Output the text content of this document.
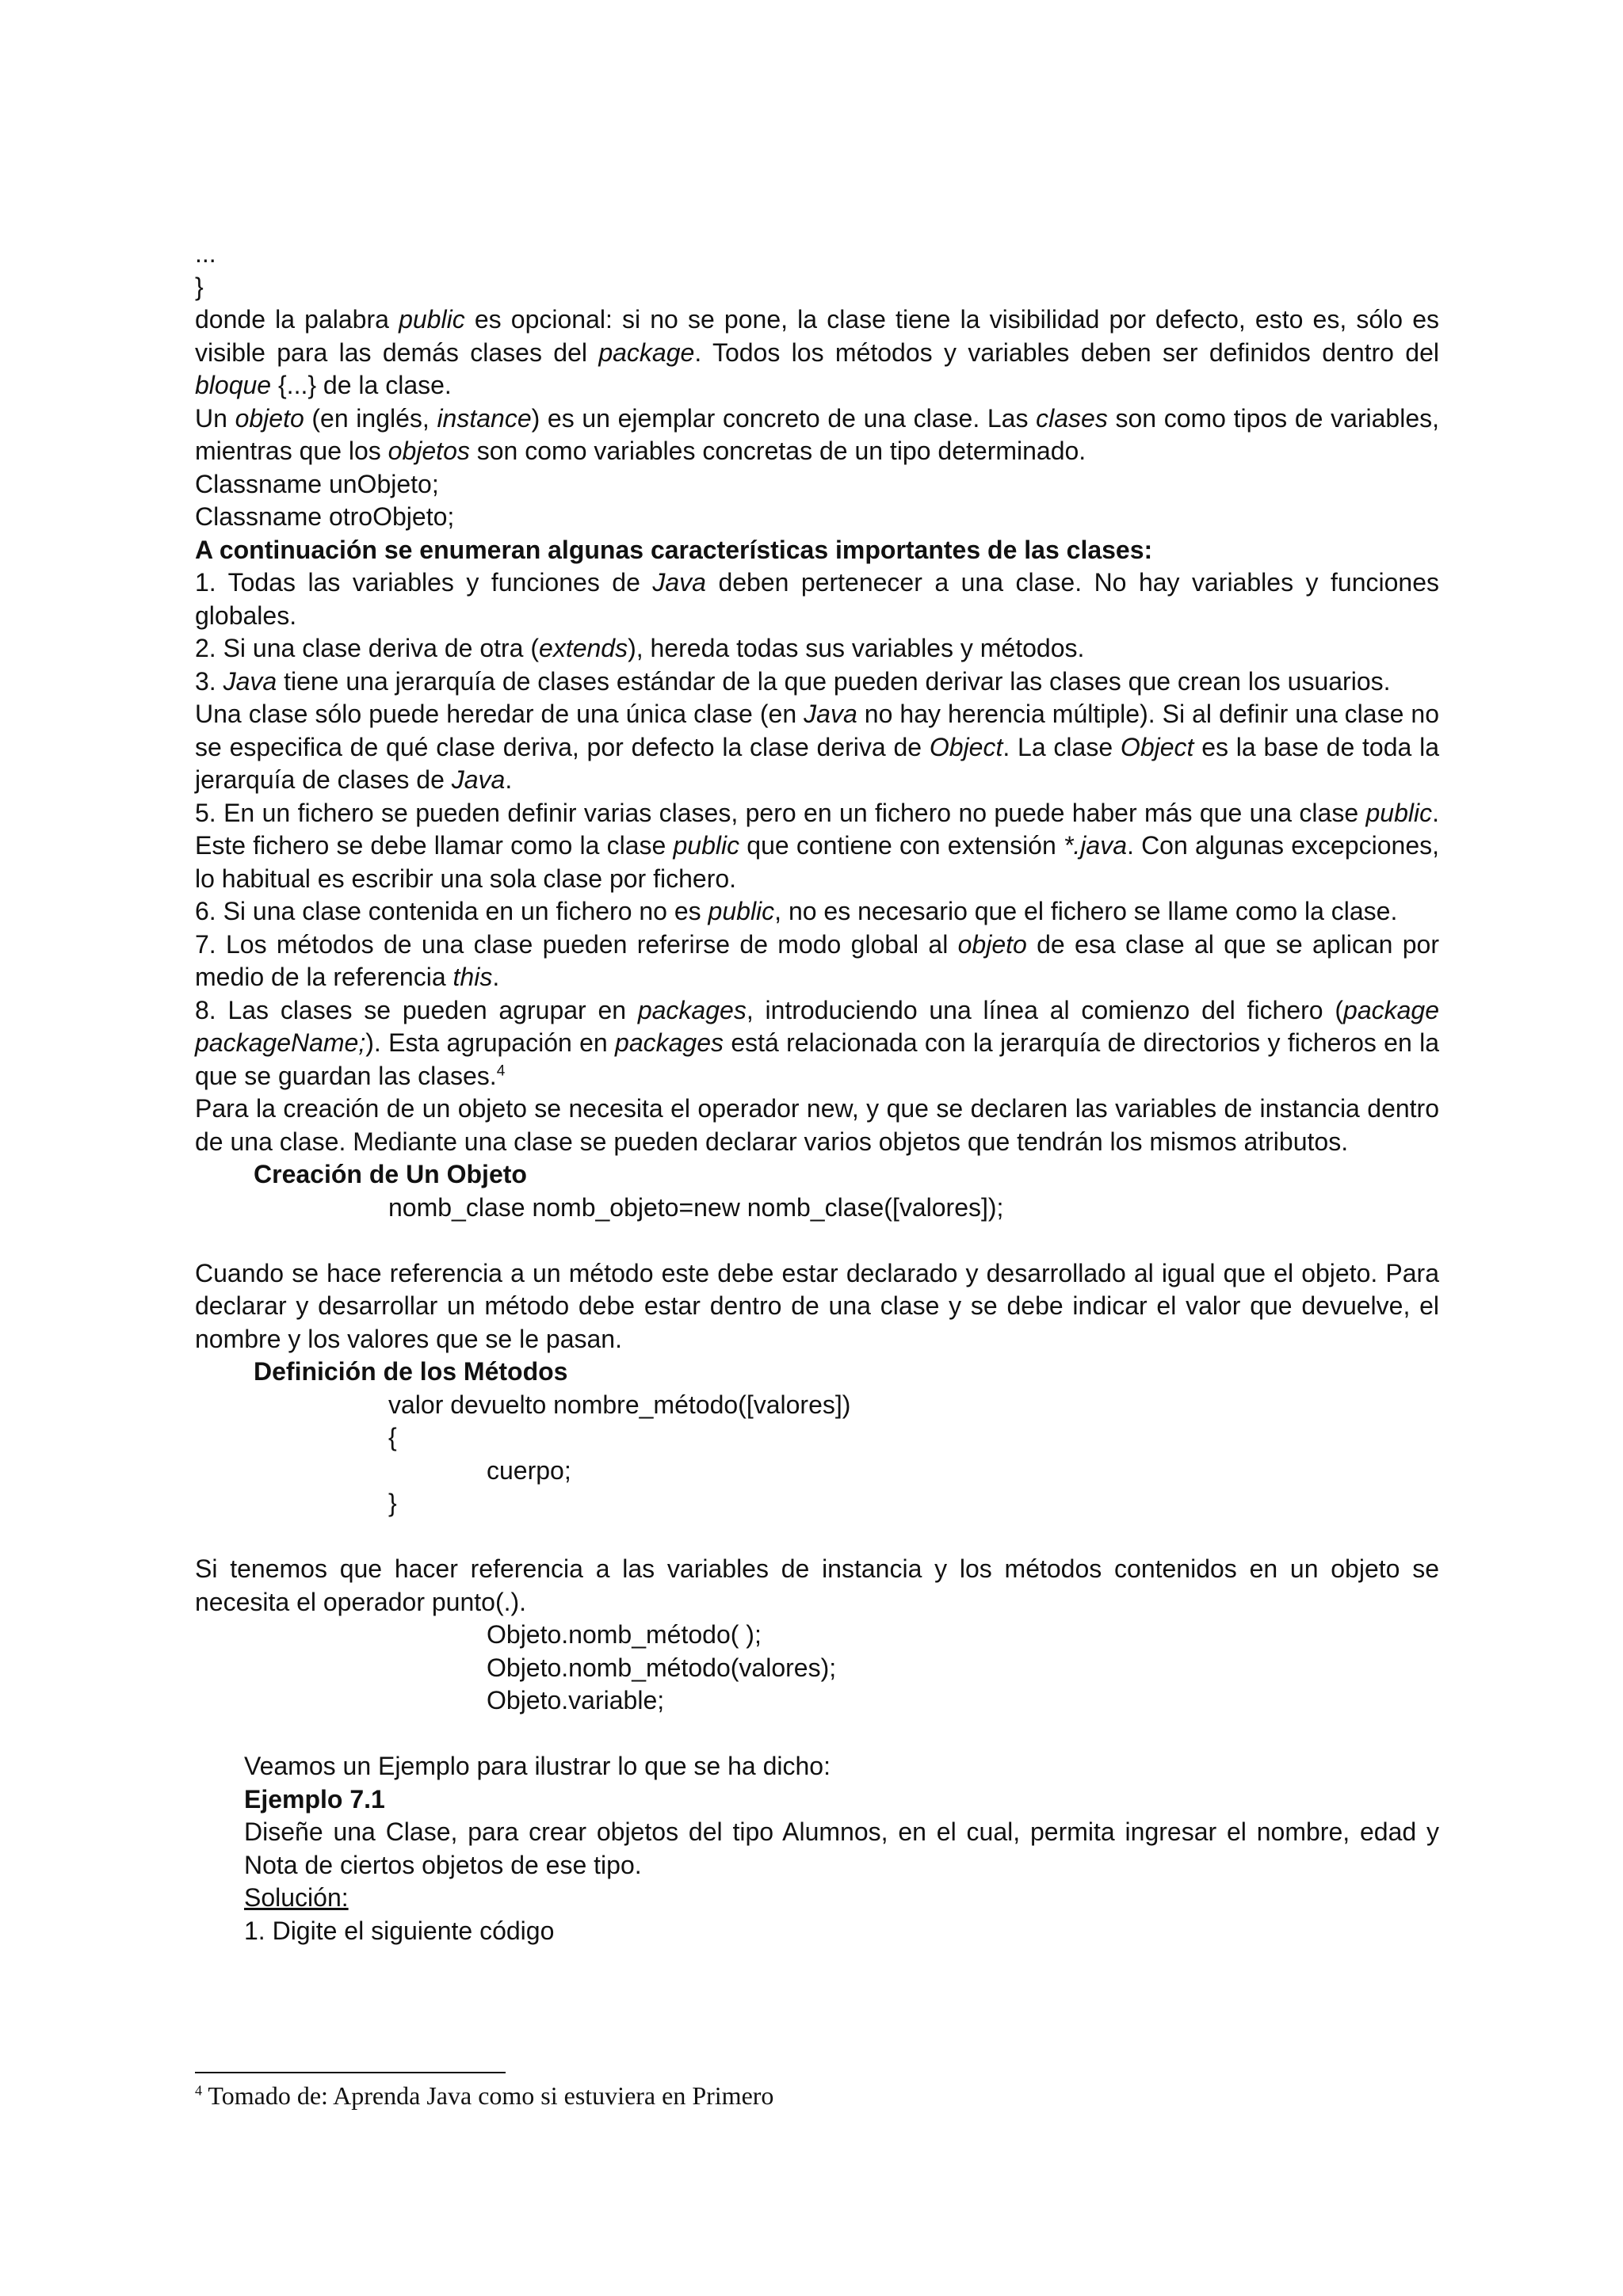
...

}

donde la palabra public es opcional: si no se pone, la clase tiene la visibilidad por defecto, esto es, sólo es visible para las demás clases del package. Todos los métodos y variables deben ser definidos dentro del bloque {...} de la clase.

Un objeto (en inglés, instance) es un ejemplar concreto de una clase. Las clases son como tipos de variables, mientras que los objetos son como variables concretas de un tipo determinado.

Classname unObjeto;

Classname otroObjeto;

A continuación se enumeran algunas características importantes de las clases:

1. Todas las variables y funciones de Java deben pertenecer a una clase. No hay variables y funciones globales.

2. Si una clase deriva de otra (extends), hereda todas sus variables y métodos.

3. Java tiene una jerarquía de clases estándar de la que pueden derivar las clases que crean los usuarios.

Una clase sólo puede heredar de una única clase (en Java no hay herencia múltiple). Si al definir una clase no se especifica de qué clase deriva, por defecto la clase deriva de Object. La clase Object es la base de toda la jerarquía de clases de Java.

5. En un fichero se pueden definir varias clases, pero en un fichero no puede haber más que una clase public. Este fichero se debe llamar como la clase public que contiene con extensión *.java. Con algunas excepciones, lo habitual es escribir una sola clase por fichero.

6. Si una clase contenida en un fichero no es public, no es necesario que el fichero se llame como la clase.

7. Los métodos de una clase pueden referirse de modo global al objeto de esa clase al que se aplican por medio de la referencia this.

8. Las clases se pueden agrupar en packages, introduciendo una línea al comienzo del fichero (package packageName;). Esta agrupación en packages está relacionada con la jerarquía de directorios y ficheros en la que se guardan las clases.$^4$

Para la creación de un objeto se necesita el operador new, y que se declaren las variables de instancia dentro de una clase. Mediante una clase se pueden declarar varios objetos que tendrán los mismos atributos.

Creación de Un Objeto

nomb_clase nomb_objeto=new nomb_clase([valores]);

Cuando se hace referencia a un método este debe estar declarado y desarrollado al igual que el objeto. Para declarar y desarrollar un método debe estar dentro de una clase y se debe indicar el valor que devuelve, el nombre y los valores que se le pasan.

Definición de los Métodos

valor devuelto nombre_método([valores])

{

cuerpo;

}

Si tenemos que hacer referencia a las variables de instancia y los métodos contenidos en un objeto se necesita el operador punto(.).

Objeto.nomb_método( );

Objeto.nomb_método(valores);

Objeto.variable;

Veamos un Ejemplo para ilustrar lo que se ha dicho:

Ejemplo 7.1

Diseñe una Clase, para crear objetos del tipo Alumnos, en el cual, permita ingresar el nombre, edad y Nota de ciertos objetos de ese tipo.

Solución:

1. Digite el siguiente código

$^4$ Tomado de: Aprenda Java como si estuviera en Primero
